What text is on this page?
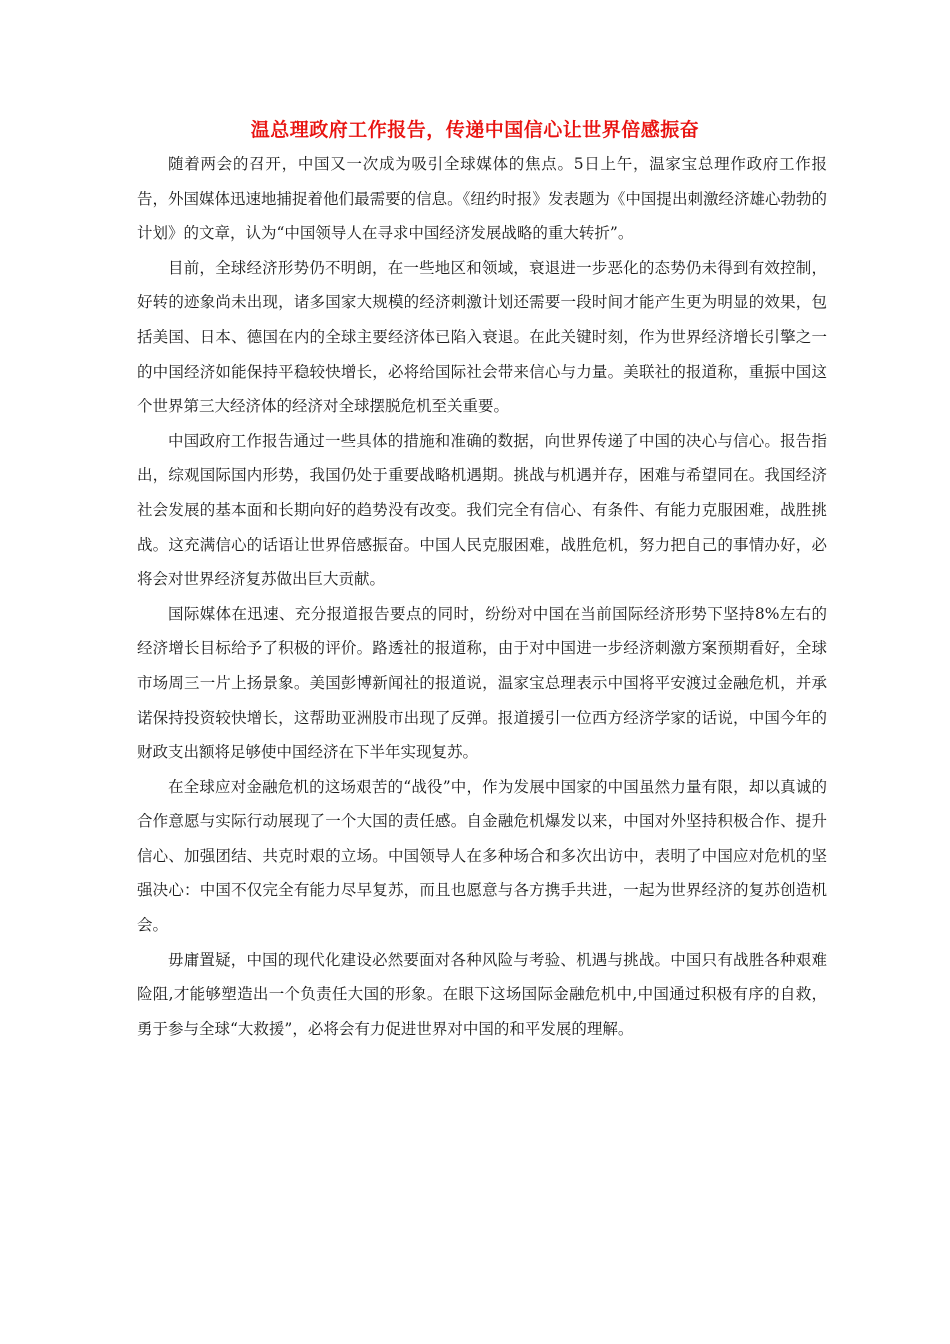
温总理政府工作报告，传递中国信心让世界倍感振奋

随着两会的召开，中国又一次成为吸引全球媒体的焦点。5日上午，温家宝总理作政府工作报告，外国媒体迅速地捕捉着他们最需要的信息。《纽约时报》发表题为《中国提出刺激经济雄心勃勃的计划》的文章，认为“中国领导人在寻求中国经济发展战略的重大转折”。

目前，全球经济形势仍不明朗，在一些地区和领域，衰退进一步恶化的态势仍未得到有效控制，好转的迹象尚未出现，诸多国家大规模的经济刺激计划还需要一段时间才能产生更为明显的效果，包括美国、日本、德国在内的全球主要经济体已陷入衰退。在此关键时刻，作为世界经济增长引擎之一的中国经济如能保持平稳较快增长，必将给国际社会带来信心与力量。美联社的报道称，重振中国这个世界第三大经济体的经济对全球摆脱危机至关重要。

中国政府工作报告通过一些具体的措施和准确的数据，向世界传递了中国的决心与信心。报告指出，综观国际国内形势，我国仍处于重要战略机遇期。挑战与机遇并存，困难与希望同在。我国经济社会发展的基本面和长期向好的趋势没有改变。我们完全有信心、有条件、有能力克服困难，战胜挑战。这充满信心的话语让世界倍感振奋。中国人民克服困难，战胜危机，努力把自己的事情办好，必将会对世界经济复苏做出巨大贡献。

国际媒体在迅速、充分报道报告要点的同时，纷纷对中国在当前国际经济形势下坚持8%左右的经济增长目标给予了积极的评价。路透社的报道称，由于对中国进一步经济刺激方案预期看好，全球市场周三一片上扬景象。美国彭博新闻社的报道说，温家宝总理表示中国将平安渡过金融危机，并承诺保持投资较快增长，这帮助亚洲股市出现了反弹。报道援引一位西方经济学家的话说，中国今年的财政支出额将足够使中国经济在下半年实现复苏。

在全球应对金融危机的这场艰苦的“战役”中，作为发展中国家的中国虽然力量有限，却以真诚的合作意愿与实际行动展现了一个大国的责任感。自金融危机爆发以来，中国对外坚持积极合作、提升信心、加强团结、共克时艰的立场。中国领导人在多种场合和多次出访中，表明了中国应对危机的坚强决心：中国不仅完全有能力尽早复苏，而且也愿意与各方携手共进，一起为世界经济的复苏创造机会。

毋庸置疑，中国的现代化建设必然要面对各种风险与考验、机遇与挑战。中国只有战胜各种艰难险阻,才能够塑造出一个负责任大国的形象。在眼下这场国际金融危机中,中国通过积极有序的自救，勇于参与全球“大救援”，必将会有力促进世界对中国的和平发展的理解。
